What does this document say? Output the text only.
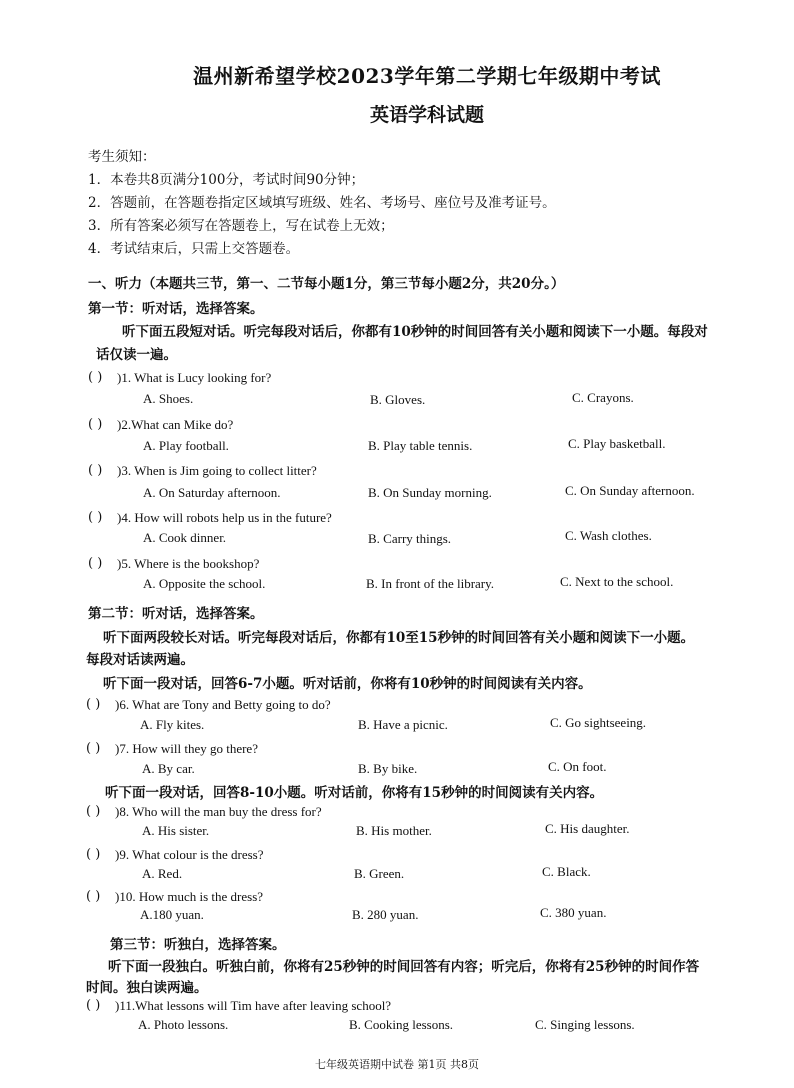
温州新希望学校2023学年第二学期七年级期中考试
英语学科试题
考生须知：
1．本卷共8页满分100分，考试时间90分钟；
2．答题前，在答题卷指定区域填写班级、姓名、考场号、座位号及准考证号。
3．所有答案必须写在答题卷上，写在试卷上无效；
4．考试结束后，只需上交答题卷。
一、听力（本题共三节，第一、二节每小题1分，第三节每小题2分，共20分。）
第一节：听对话，选择答案。
听下面五段短对话。听完每段对话后，你都有10秒钟的时间回答有关小题和阅读下一小题。每段对
话仅读一遍。
( ) )1. What is Lucy looking for?
A. Shoes.	B. Gloves.	C. Crayons.
( ) )2.What can Mike do?
A. Play football.	B. Play table tennis.	C. Play basketball.
( ) )3. When is Jim going to collect litter?
A. On Saturday afternoon.	B. On Sunday morning.	C. On Sunday afternoon.
( ) )4. How will robots help us in the future?
A. Cook dinner.	B. Carry things.	C. Wash clothes.
( ) )5. Where is the bookshop?
A. Opposite the school.	B. In front of the library.	C. Next to the school.
第二节：听对话，选择答案。
听下面两段较长对话。听完每段对话后，你都有10至15秒钟的时间回答有关小题和阅读下一小题。
每段对话读两遍。
听下面一段对话，回答6-7小题。听对话前，你将有10秒钟的时间阅读有关内容。
( ) )6. What are Tony and Betty going to do?
A. Fly kites.	B. Have a picnic.	C. Go sightseeing.
( ) )7. How will they go there?
A. By car.	B. By bike.	C. On foot.
听下面一段对话，回答8-10小题。听对话前，你将有15秒钟的时间阅读有关内容。
( ) )8. Who will the man buy the dress for?
A. His sister.	B. His mother.	C. His daughter.
( ) )9. What colour is the dress?
A. Red.	B. Green.	C. Black.
( ) )10. How much is the dress?
A.180 yuan.	B. 280 yuan.	C. 380 yuan.
第三节：听独白，选择答案。
听下面一段独白。听独白前，你将有25秒钟的时间回答有内容；听完后，你将有25秒钟的时间作答
时间。独白读两遍。
( ) )11.What lessons will Tim have after leaving school?
A. Photo lessons.	B. Cooking lessons.	C. Singing lessons.
七年级英语期中试卷 第1页 共8页
